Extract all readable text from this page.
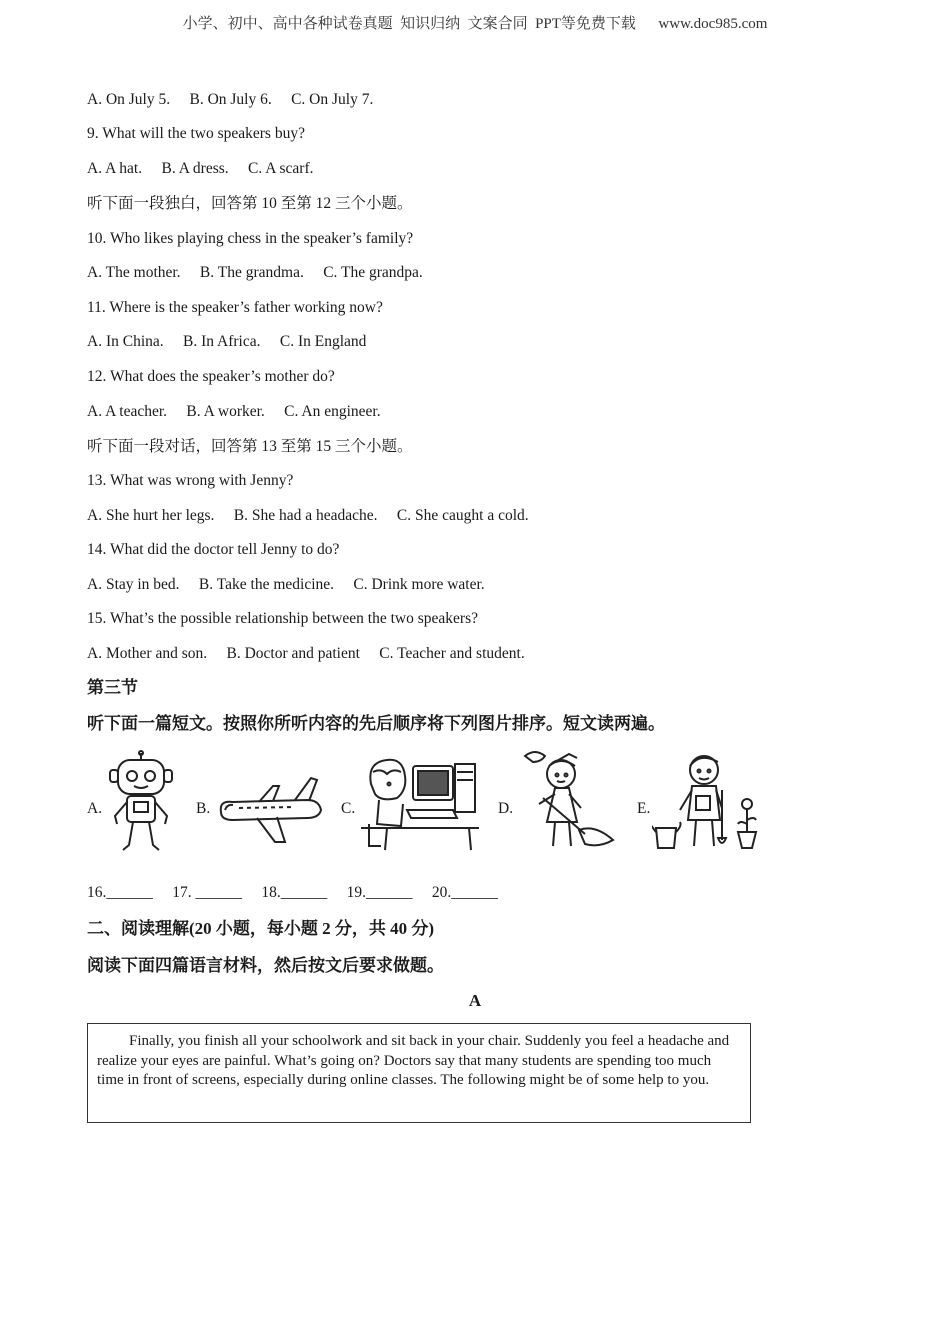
小学、初中、高中各种试卷真题  知识归纳  文案合同  PPT等免费下载      www.doc985.com
A. On July 5.     B. On July 6.     C. On July 7.
9. What will the two speakers buy?
A. A hat.     B. A dress.     C. A scarf.
听下面一段独白，回答第 10 至第 12 三个小题。
10. Who likes playing chess in the speaker’s family?
A. The mother.     B. The grandma.     C. The grandpa.
11. Where is the speaker’s father working now?
A. In China.     B. In Africa.     C. In England
12. What does the speaker’s mother do?
A. A teacher.     B. A worker.     C. An engineer.
听下面一段对话，回答第 13 至第 15 三个小题。
13. What was wrong with Jenny?
A. She hurt her legs.     B. She had a headache.     C. She caught a cold.
14. What did the doctor tell Jenny to do?
A. Stay in bed.     B. Take the medicine.     C. Drink more water.
15. What’s the possible relationship between the two speakers?
A. Mother and son.     B. Doctor and patient     C. Teacher and student.
第三节
听下面一篇短文。按照你所听内容的先后顺序将下列图片排序。短文读两遍。
A.	B.	C.	D.	E.
16.______     17. ______     18.______     19.______     20.______
二、阅读理解(20 小题，每小题 2 分，共 40 分)
阅读下面四篇语言材料，然后按文后要求做题。
A

Finally, you finish all your schoolwork and sit back in your chair. Suddenly you feel a headache and realize your eyes are painful. What’s going on? Doctors say that many students are spending too much time in front of screens, especially during online classes. The following might be of some help to you.
